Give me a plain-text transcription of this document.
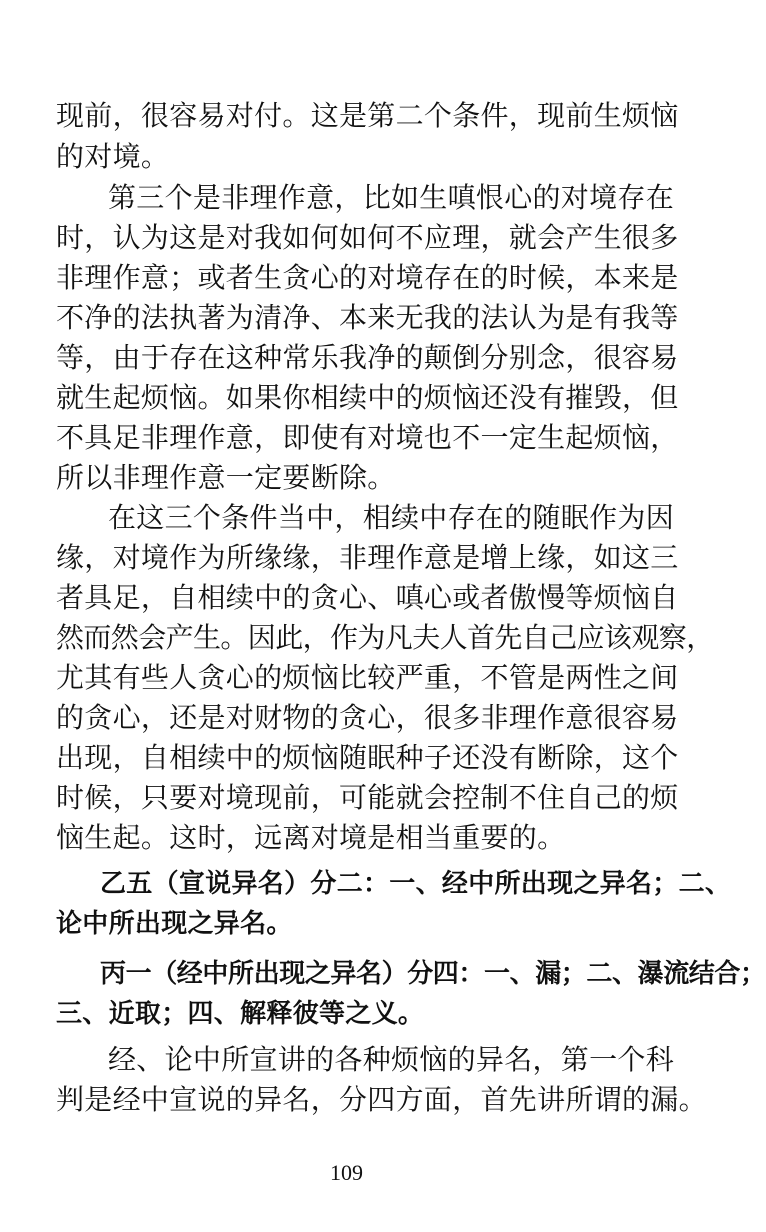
现前，很容易对付。这是第二个条件，现前生烦恼
的对境。
第三个是非理作意，比如生嗔恨心的对境存在
时，认为这是对我如何如何不应理，就会产生很多
非理作意；或者生贪心的对境存在的时候，本来是
不净的法执著为清净、本来无我的法认为是有我等
等，由于存在这种常乐我净的颠倒分别念，很容易
就生起烦恼。如果你相续中的烦恼还没有摧毁，但
不具足非理作意，即使有对境也不一定生起烦恼，
所以非理作意一定要断除。
在这三个条件当中，相续中存在的随眠作为因
缘，对境作为所缘缘，非理作意是增上缘，如这三
者具足，自相续中的贪心、嗔心或者傲慢等烦恼自
然而然会产生。因此，作为凡夫人首先自己应该观察，
尤其有些人贪心的烦恼比较严重，不管是两性之间
的贪心，还是对财物的贪心，很多非理作意很容易
出现，自相续中的烦恼随眠种子还没有断除，这个
时候，只要对境现前，可能就会控制不住自己的烦
恼生起。这时，远离对境是相当重要的。
乙五（宣说异名）分二：一、经中所出现之异名；二、
论中所出现之异名。
丙一（经中所出现之异名）分四：一、漏；二、瀑流结合；
三、近取；四、解释彼等之义。
经、论中所宣讲的各种烦恼的异名，第一个科
判是经中宣说的异名，分四方面，首先讲所谓的漏。
109
